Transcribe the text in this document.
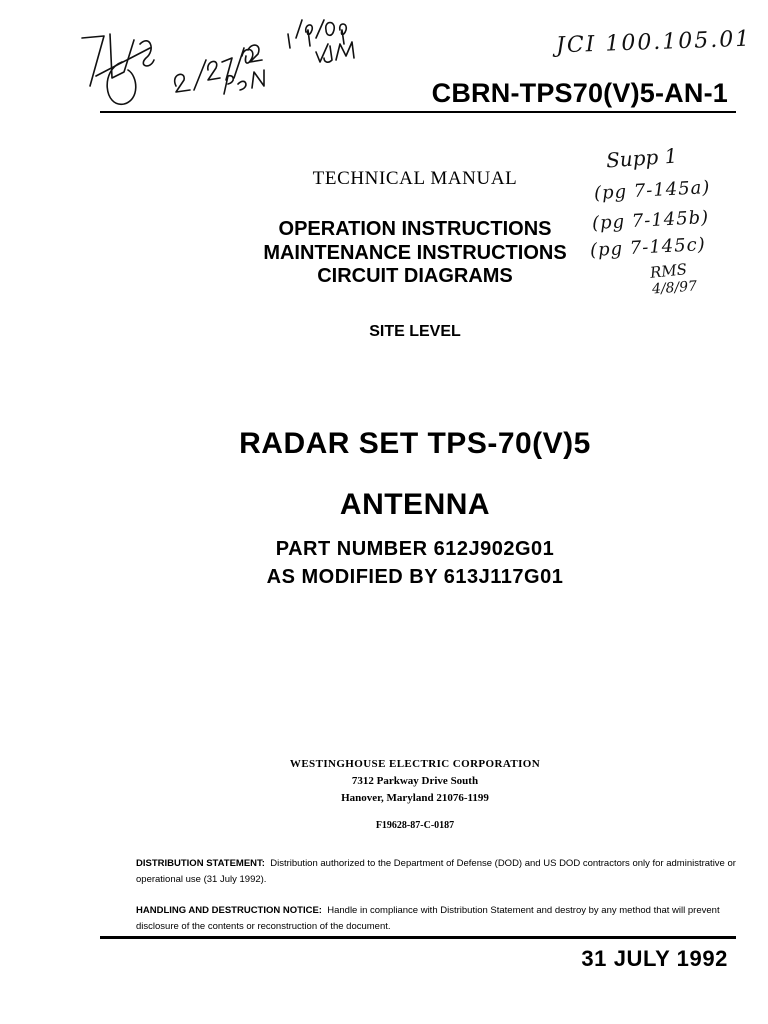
JCI 100.105.01
CBRN-TPS70(V)5-AN-1
Supp 1
(pg 7-145a)
(pg 7-145b)
(pg 7-145c)
RMS
4/8/97
TECHNICAL MANUAL
OPERATION INSTRUCTIONS
MAINTENANCE INSTRUCTIONS
CIRCUIT DIAGRAMS
SITE LEVEL
RADAR SET TPS-70(V)5
ANTENNA
PART NUMBER 612J902G01
AS MODIFIED BY 613J117G01
WESTINGHOUSE ELECTRIC CORPORATION
7312 Parkway Drive South
Hanover, Maryland 21076-1199
F19628-87-C-0187
DISTRIBUTION STATEMENT: Distribution authorized to the Department of Defense (DOD) and US DOD contractors only for administrative or operational use (31 July 1992).
HANDLING AND DESTRUCTION NOTICE: Handle in compliance with Distribution Statement and destroy by any method that will prevent disclosure of the contents or reconstruction of the document.
31 JULY 1992
